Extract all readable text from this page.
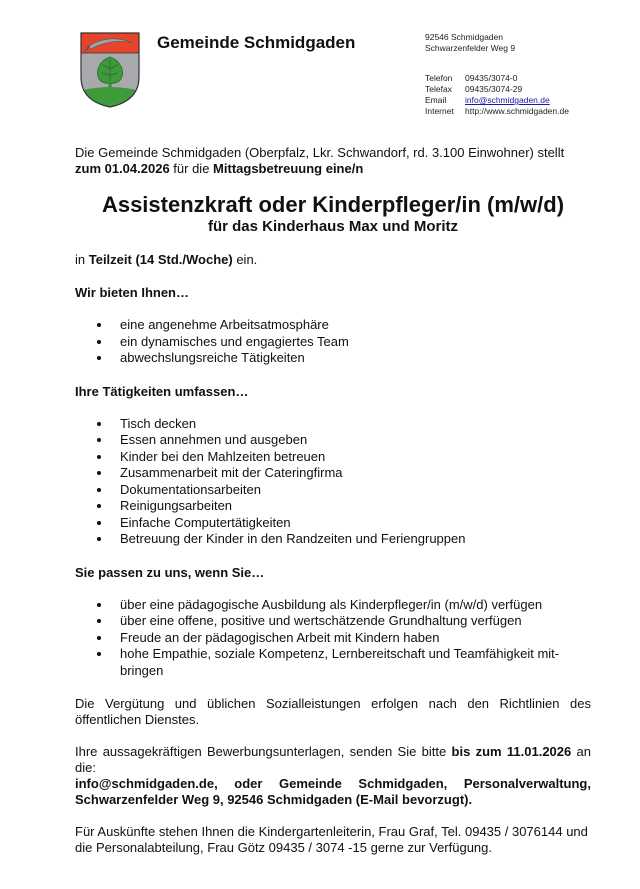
Gemeinde Schmidgaden	92546 Schmidgaden
Schwarzenfelder Weg 9
Telefon	09435/3074-0
Telefax	09435/3074-29
Email	info@schmidgaden.de
Internet	http://www.schmidgaden.de

Die Gemeinde Schmidgaden (Oberpfalz, Lkr. Schwandorf, rd. 3.100 Einwohner) stellt zum 01.04.2026 für die Mittagsbetreuung eine/n

Assistenzkraft oder Kinderpfleger/in (m/w/d)
für das Kinderhaus Max und Moritz

in Teilzeit (14 Std./Woche) ein.

Wir bieten Ihnen…
eine angenehme Arbeitsatmosphäre
ein dynamisches und engagiertes Team
abwechslungsreiche Tätigkeiten
Ihre Tätigkeiten umfassen…
Tisch decken
Essen annehmen und ausgeben
Kinder bei den Mahlzeiten betreuen
Zusammenarbeit mit der Cateringfirma
Dokumentationsarbeiten
Reinigungsarbeiten
Einfache Computertätigkeiten
Betreuung der Kinder in den Randzeiten und Feriengruppen
Sie passen zu uns, wenn Sie…
über eine pädagogische Ausbildung als Kinderpfleger/in (m/w/d) verfügen
über eine offene, positive und wertschätzende Grundhaltung verfügen
Freude an der pädagogischen Arbeit mit Kindern haben
hohe Empathie, soziale Kompetenz, Lernbereitschaft und Teamfähigkeit mit-bringen

Die Vergütung und üblichen Sozialleistungen erfolgen nach den Richtlinien des öffentlichen Dienstes.

Ihre aussagekräftigen Bewerbungsunterlagen, senden Sie bitte bis zum 11.01.2026 an die:

info@schmidgaden.de, oder Gemeinde Schmidgaden, Personalverwaltung, Schwarzenfelder Weg 9, 92546 Schmidgaden (E-Mail bevorzugt).

Für Auskünfte stehen Ihnen die Kindergartenleiterin, Frau Graf, Tel. 09435 / 3076144 und die Personalabteilung, Frau Götz 09435 / 3074 -15 gerne zur Verfügung.
